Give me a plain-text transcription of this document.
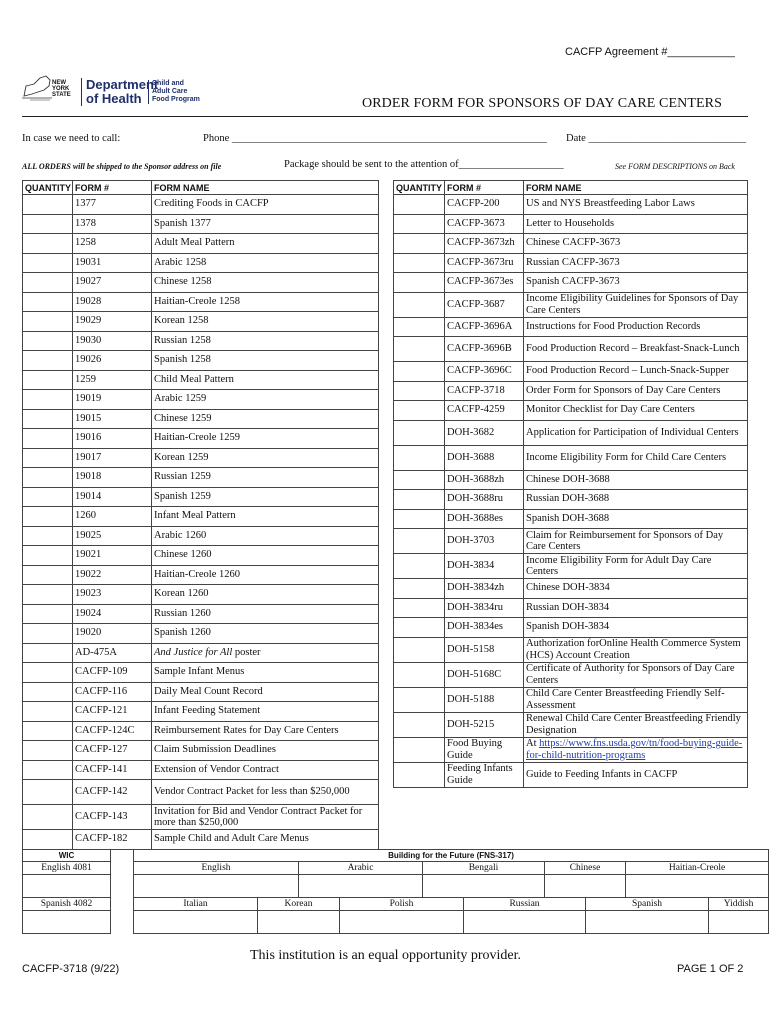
CACFP Agreement #___________
NEW
YORK
STATE
Department
of Health
Child and
Adult Care
Food Program	ORDER FORM FOR SPONSORS OF DAY CARE CENTERS
In case we need to call:	Phone ____________________________________________________________ Date ______________________________
ALL ORDERS will be shipped to the Sponsor address on file	Package should be sent to the attention of____________________	See FORM DESCRIPTIONS on Back
QUANTITY	FORM #	FORM NAME
	1377	Crediting Foods in CACFP
	1378	Spanish 1377
	1258	Adult Meal Pattern
	19031	Arabic 1258
	19027	Chinese 1258
	19028	Haitian-Creole 1258
	19029	Korean 1258
	19030	Russian 1258
	19026	Spanish 1258
	1259	Child Meal Pattern
	19019	Arabic 1259
	19015	Chinese 1259
	19016	Haitian-Creole 1259
	19017	Korean 1259
	19018	Russian 1259
	19014	Spanish 1259
	1260	Infant Meal Pattern
	19025	Arabic 1260
	19021	Chinese 1260
	19022	Haitian-Creole 1260
	19023	Korean 1260
	19024	Russian 1260
	19020	Spanish 1260
	AD-475A	And Justice for All poster
	CACFP-109	Sample Infant Menus
	CACFP-116	Daily Meal Count Record
	CACFP-121	Infant Feeding Statement
	CACFP-124C	Reimbursement Rates for Day Care Centers
	CACFP-127	Claim Submission Deadlines
	CACFP-141	Extension of Vendor Contract
	CACFP-142	Vendor Contract Packet for less than $250,000
	CACFP-143	Invitation for Bid and Vendor Contract Packet for more than $250,000
	CACFP-182	Sample Child and Adult Care Menus
QUANTITY	FORM #	FORM NAME
	CACFP-200	US and NYS Breastfeeding Labor Laws
	CACFP-3673	Letter to Households
	CACFP-3673zh	Chinese CACFP-3673
	CACFP-3673ru	Russian CACFP-3673
	CACFP-3673es	Spanish CACFP-3673
	CACFP-3687	Income Eligibility Guidelines for Sponsors of Day Care Centers
	CACFP-3696A	Instructions for Food Production Records
	CACFP-3696B	Food Production Record – Breakfast-Snack-Lunch
	CACFP-3696C	Food Production Record – Lunch-Snack-Supper
	CACFP-3718	Order Form for Sponsors of Day Care Centers
	CACFP-4259	Monitor Checklist for Day Care Centers
	DOH-3682	Application for Participation of Individual Centers
	DOH-3688	Income Eligibility Form for Child Care Centers
	DOH-3688zh	Chinese DOH-3688
	DOH-3688ru	Russian DOH-3688
	DOH-3688es	Spanish DOH-3688
	DOH-3703	Claim for Reimbursement for Sponsors of Day Care Centers
	DOH-3834	Income Eligibility Form for Adult Day Care Centers
	DOH-3834zh	Chinese DOH-3834
	DOH-3834ru	Russian DOH-3834
	DOH-3834es	Spanish DOH-3834
	DOH-5158	Authorization forOnline Health Commerce System (HCS) Account Creation
	DOH-5168C	Certificate of Authority for Sponsors of Day Care Centers
	DOH-5188	Child Care Center Breastfeeding Friendly Self-Assessment
	DOH-5215	Renewal Child Care Center Breastfeeding Friendly Designation
	Food Buying Guide	At https://www.fns.usda.gov/tn/food-buying-guide-for-child-nutrition-programs
	Feeding Infants Guide	Guide to Feeding Infants in CACFP
WIC
English 4081

Spanish 4082

Building for the Future (FNS-317)									
English		Arabic		Bengali		Chinese		Haitian-Creole	

Italian	Korean		Polish		Russian		Spanish		Yiddish

This institution is an equal opportunity provider.
CACFP-3718 (9/22)	PAGE 1 OF 2
